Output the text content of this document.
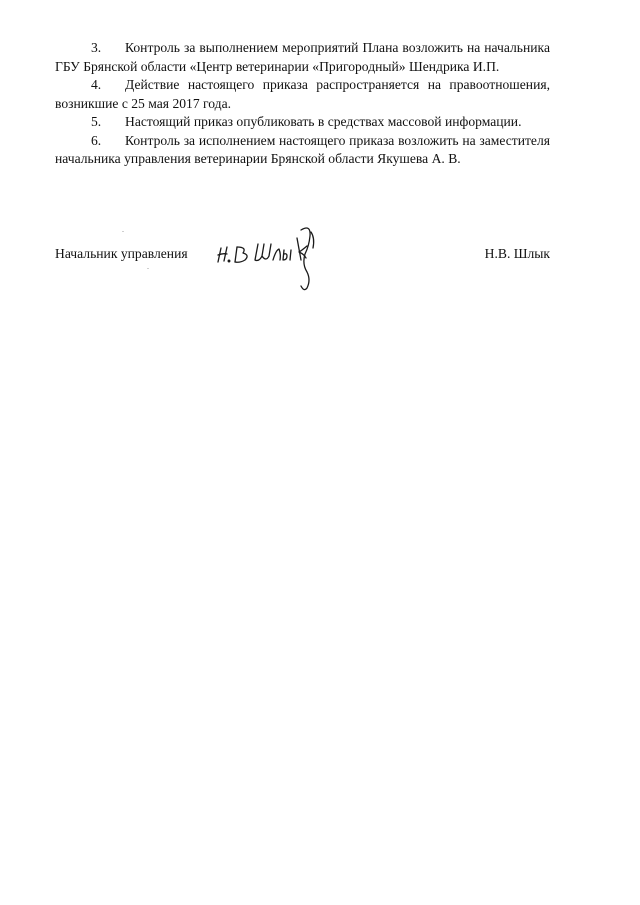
3. Контроль за выполнением мероприятий Плана возложить на начальника ГБУ Брянской области «Центр ветеринарии «Пригородный» Шендрика И.П.

4. Действие настоящего приказа распространяется на правоотношения, возникшие с 25 мая 2017 года.

5. Настоящий приказ опубликовать в средствах массовой информации.

6. Контроль за исполнением настоящего приказа возложить на заместителя начальника управления ветеринарии Брянской области Якушева А. В.

Начальник управления	Н.В. Шлык
